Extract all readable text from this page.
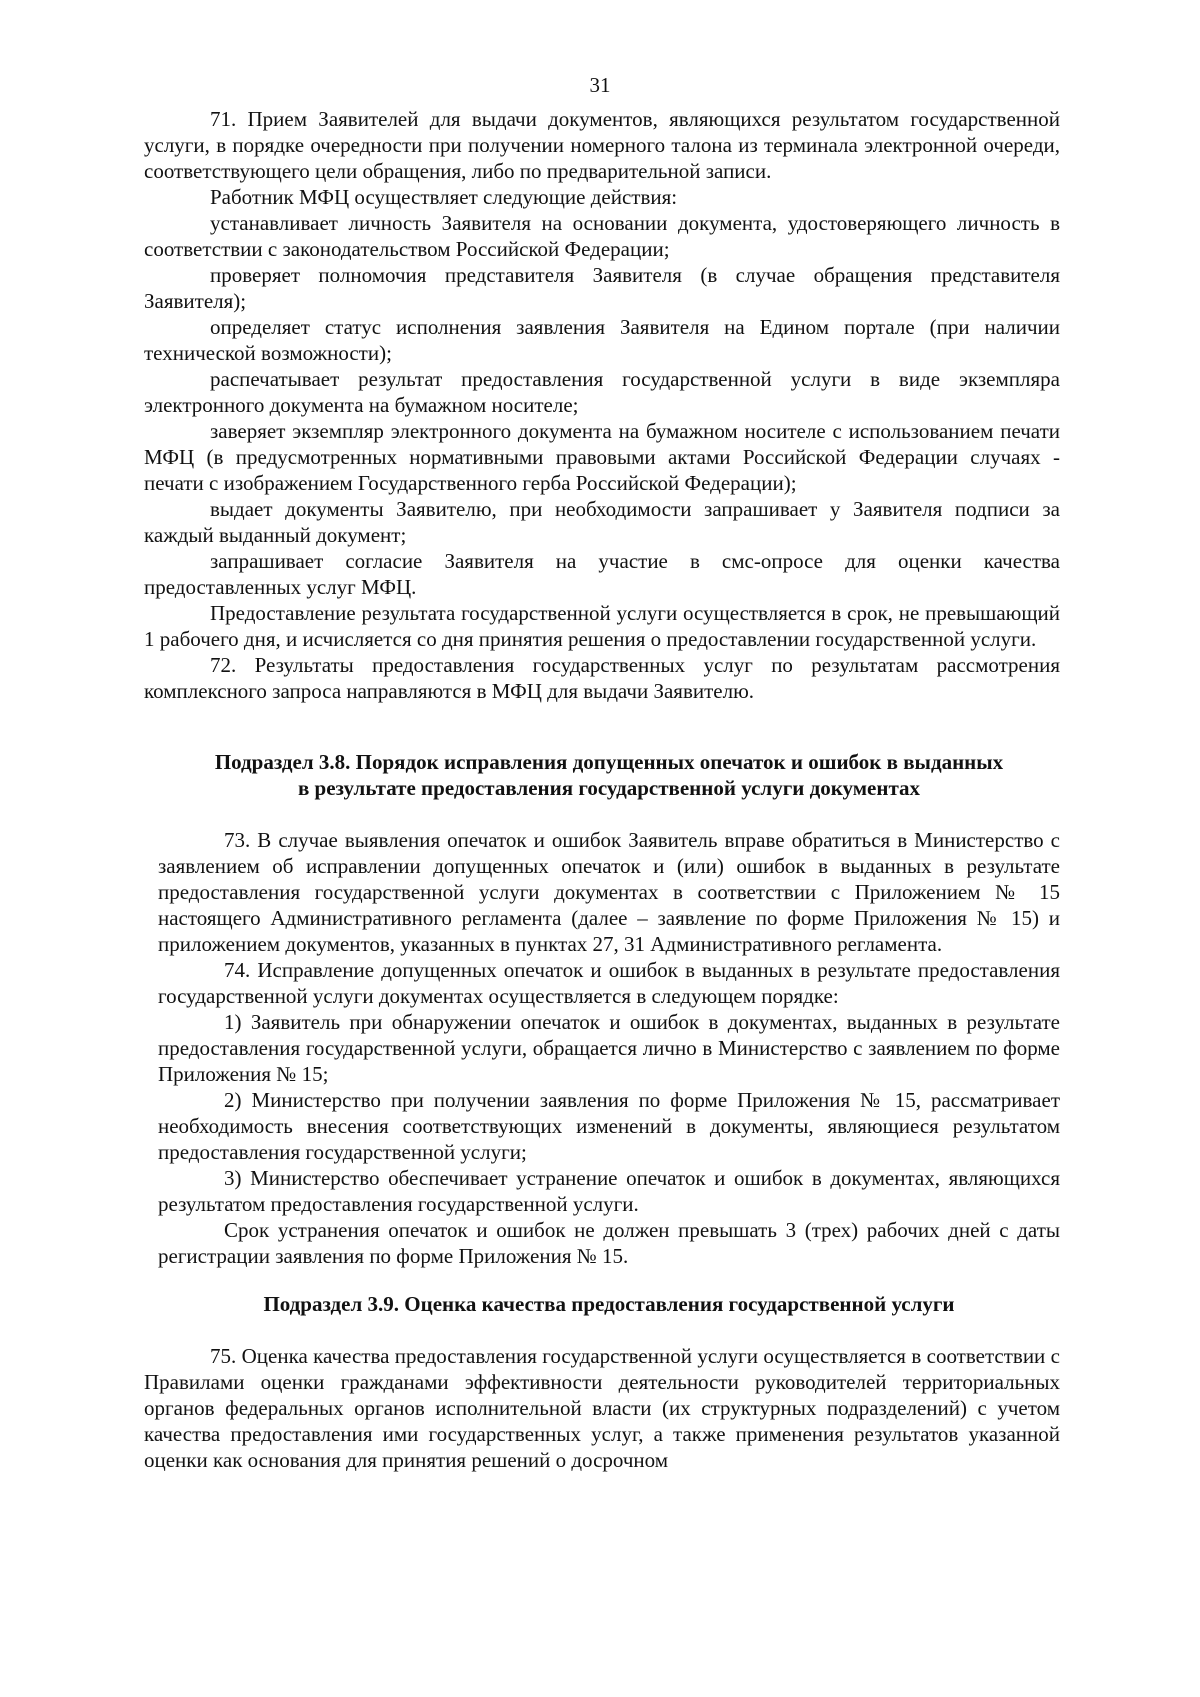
31

71. Прием Заявителей для выдачи документов, являющихся результатом государственной услуги, в порядке очередности при получении номерного талона из терминала электронной очереди, соответствующего цели обращения, либо по предварительной записи.

Работник МФЦ осуществляет следующие действия:

устанавливает личность Заявителя на основании документа, удостоверяющего личность в соответствии с законодательством Российской Федерации;

проверяет полномочия представителя Заявителя (в случае обращения представителя Заявителя);

определяет статус исполнения заявления Заявителя на Едином портале (при наличии технической возможности);

распечатывает результат предоставления государственной услуги в виде экземпляра электронного документа на бумажном носителе;

заверяет экземпляр электронного документа на бумажном носителе с использованием печати МФЦ (в предусмотренных нормативными правовыми актами Российской Федерации случаях - печати с изображением Государственного герба Российской Федерации);

выдает документы Заявителю, при необходимости запрашивает у Заявителя подписи за каждый выданный документ;

запрашивает согласие Заявителя на участие в смс-опросе для оценки качества предоставленных услуг МФЦ.

Предоставление результата государственной услуги осуществляется в срок, не превышающий 1 рабочего дня, и исчисляется со дня принятия решения о предоставлении государственной услуги.

72. Результаты предоставления государственных услуг по результатам рассмотрения комплексного запроса направляются в МФЦ для выдачи Заявителю.

Подраздел 3.8. Порядок исправления допущенных опечаток и ошибок в выданных

в результате предоставления государственной услуги документах

73. В случае выявления опечаток и ошибок Заявитель вправе обратиться в Министерство с заявлением об исправлении допущенных опечаток и (или) ошибок в выданных в результате предоставления государственной услуги документах в соответствии с Приложением № 15 настоящего Административного регламента (далее – заявление по форме Приложения № 15) и приложением документов, указанных в пунктах 27, 31 Административного регламента.

74. Исправление допущенных опечаток и ошибок в выданных в результате предоставления государственной услуги документах осуществляется в следующем порядке:

1) Заявитель при обнаружении опечаток и ошибок в документах, выданных в результате предоставления государственной услуги, обращается лично в Министерство с заявлением по форме Приложения № 15;

2) Министерство при получении заявления по форме Приложения № 15, рассматривает необходимость внесения соответствующих изменений в документы, являющиеся результатом предоставления государственной услуги;

3) Министерство обеспечивает устранение опечаток и ошибок в документах, являющихся результатом предоставления государственной услуги.

Срок устранения опечаток и ошибок не должен превышать 3 (трех) рабочих дней с даты регистрации заявления по форме Приложения № 15.

Подраздел 3.9. Оценка качества предоставления государственной услуги

75. Оценка качества предоставления государственной услуги осуществляется в соответствии с Правилами оценки гражданами эффективности деятельности руководителей территориальных органов федеральных органов исполнительной власти (их структурных подразделений) с учетом качества предоставления ими государственных услуг, а также применения результатов указанной оценки как основания для принятия решений о досрочном
